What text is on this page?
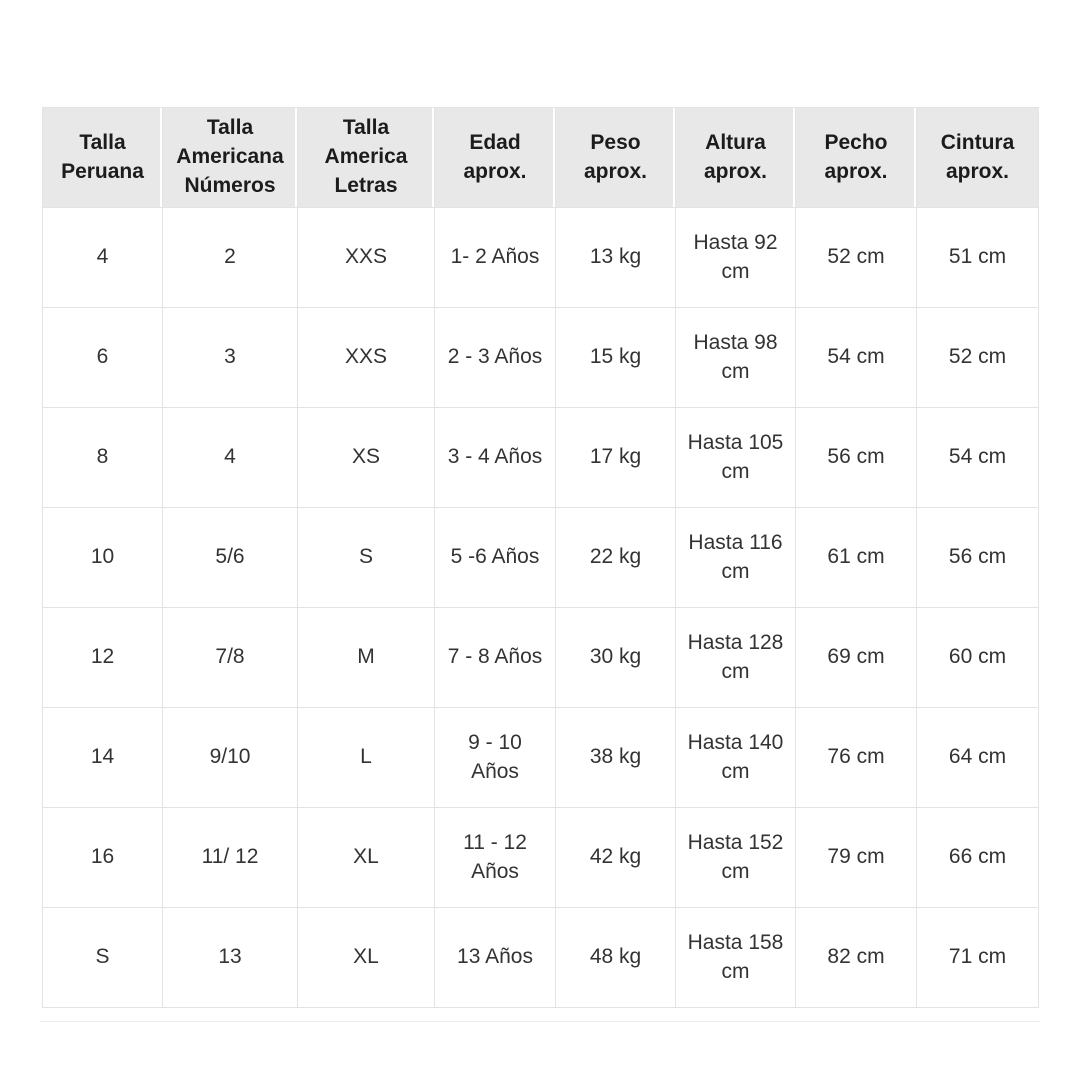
Talla Peruana	Talla Americana Números	Talla America Letras	Edad aprox.	Peso aprox.	Altura aprox.	Pecho aprox.	Cintura aprox.
4	2	XXS	1- 2 Años	13 kg	Hasta 92 cm	52 cm	51 cm
6	3	XXS	2 - 3 Años	15 kg	Hasta 98 cm	54 cm	52 cm
8	4	XS	3 - 4 Años	17 kg	Hasta 105 cm	56 cm	54 cm
10	5/6	S	5 -6 Años	22 kg	Hasta 116 cm	61 cm	56 cm
12	7/8	M	7 - 8 Años	30 kg	Hasta 128 cm	69 cm	60 cm
14	9/10	L	9 - 10 Años	38 kg	Hasta 140 cm	76 cm	64 cm
16	11/ 12	XL	11 - 12 Años	42 kg	Hasta 152 cm	79 cm	66 cm
S	13	XL	13 Años	48 kg	Hasta 158 cm	82 cm	71 cm
